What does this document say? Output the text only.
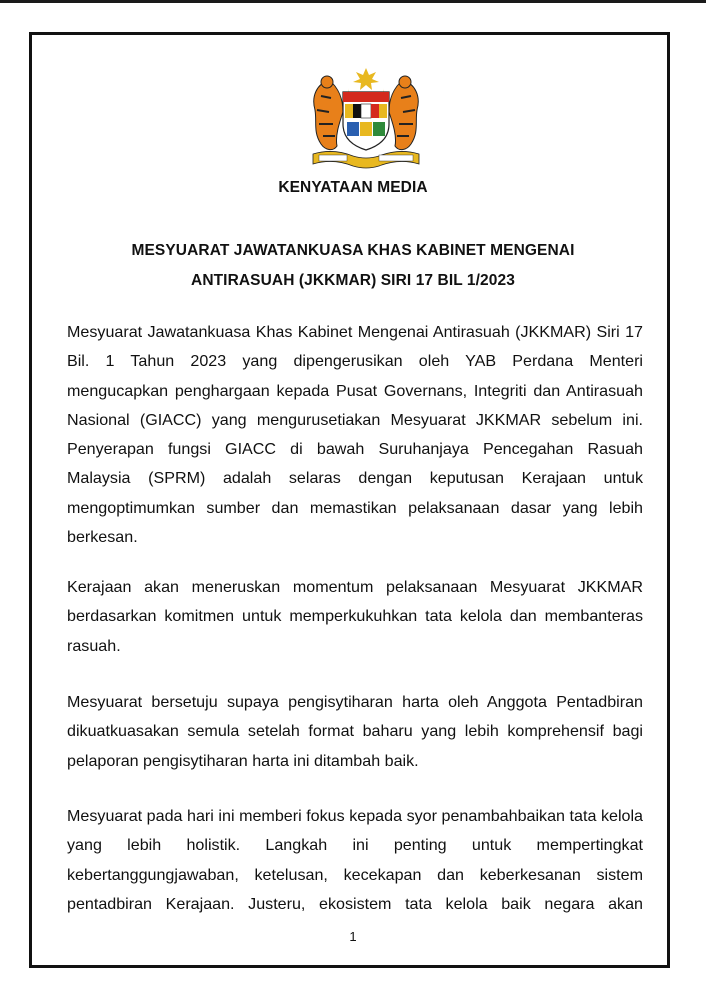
KENYATAAN MEDIA
MESYUARAT JAWATANKUASA KHAS KABINET MENGENAI
ANTIRASUAH (JKKMAR) SIRI 17 BIL 1/2023
Mesyuarat Jawatankuasa Khas Kabinet Mengenai Antirasuah (JKKMAR) Siri 17 Bil. 1 Tahun 2023 yang dipengerusikan oleh YAB Perdana Menteri mengucapkan penghargaan kepada Pusat Governans, Integriti dan Antirasuah Nasional (GIACC) yang mengurusetiakan Mesyuarat JKKMAR sebelum ini. Penyerapan fungsi GIACC di bawah Suruhanjaya Pencegahan Rasuah Malaysia (SPRM) adalah selaras dengan keputusan Kerajaan untuk mengoptimumkan sumber dan memastikan pelaksanaan dasar yang lebih berkesan.
Kerajaan akan meneruskan momentum pelaksanaan Mesyuarat JKKMAR berdasarkan komitmen untuk memperkukuhkan tata kelola dan membanteras rasuah.
Mesyuarat bersetuju supaya pengisytiharan harta oleh Anggota Pentadbiran dikuatkuasakan semula setelah format baharu yang lebih komprehensif bagi pelaporan pengisytiharan harta ini ditambah baik.
Mesyuarat pada hari ini memberi fokus kepada syor penambahbaikan tata kelola yang lebih holistik. Langkah ini penting untuk mempertingkat kebertanggungjawaban, ketelusan, kecekapan dan keberkesanan sistem pentadbiran Kerajaan. Justeru, ekosistem tata kelola baik negara akan
1
